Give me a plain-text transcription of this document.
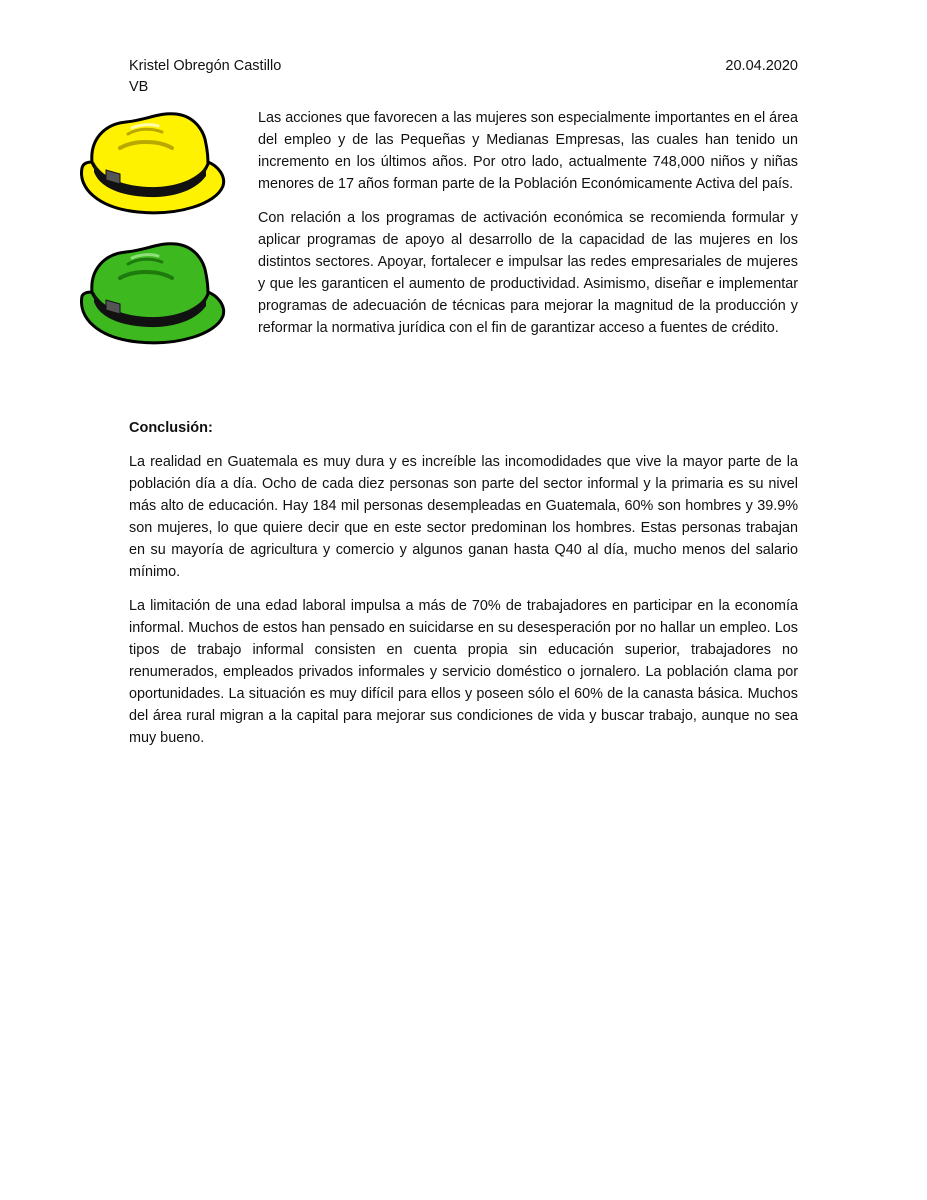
Kristel Obregón Castillo
VB
20.04.2020

Las acciones que favorecen a las mujeres son especialmente importantes en el área del empleo y de las Pequeñas y Medianas Empresas, las cuales han tenido un incremento en los últimos años. Por otro lado, actualmente 748,000 niños y niñas menores de 17 años forman parte de la Población Económicamente Activa del país.

Con relación a los programas de activación económica se recomienda formular y aplicar programas de apoyo al desarrollo de la capacidad de las mujeres en los distintos sectores. Apoyar, fortalecer e impulsar las redes empresariales de mujeres y que les garanticen el aumento de productividad. Asimismo, diseñar e implementar programas de adecuación de técnicas para mejorar la magnitud de la producción y reformar la normativa jurídica con el fin de garantizar acceso a fuentes de crédito.

Conclusión:

La realidad en Guatemala es muy dura y es increíble las incomodidades que vive la mayor parte de la población día a día. Ocho de cada diez personas son parte del sector informal y la primaria es su nivel más alto de educación. Hay 184 mil personas desempleadas en Guatemala, 60% son hombres y 39.9% son mujeres, lo que quiere decir que en este sector predominan los hombres. Estas personas trabajan en su mayoría de agricultura y comercio y algunos ganan hasta Q40 al día, mucho menos del salario mínimo.

La limitación de una edad laboral impulsa a más de 70% de trabajadores en participar en la economía informal. Muchos de estos han pensado en suicidarse en su desesperación por no hallar un empleo. Los tipos de trabajo informal consisten en cuenta propia sin educación superior, trabajadores no renumerados, empleados privados informales y servicio doméstico o jornalero. La población clama por oportunidades. La situación es muy difícil para ellos y poseen sólo el 60% de la canasta básica. Muchos del área rural migran a la capital para mejorar sus condiciones de vida y buscar trabajo, aunque no sea muy bueno.
